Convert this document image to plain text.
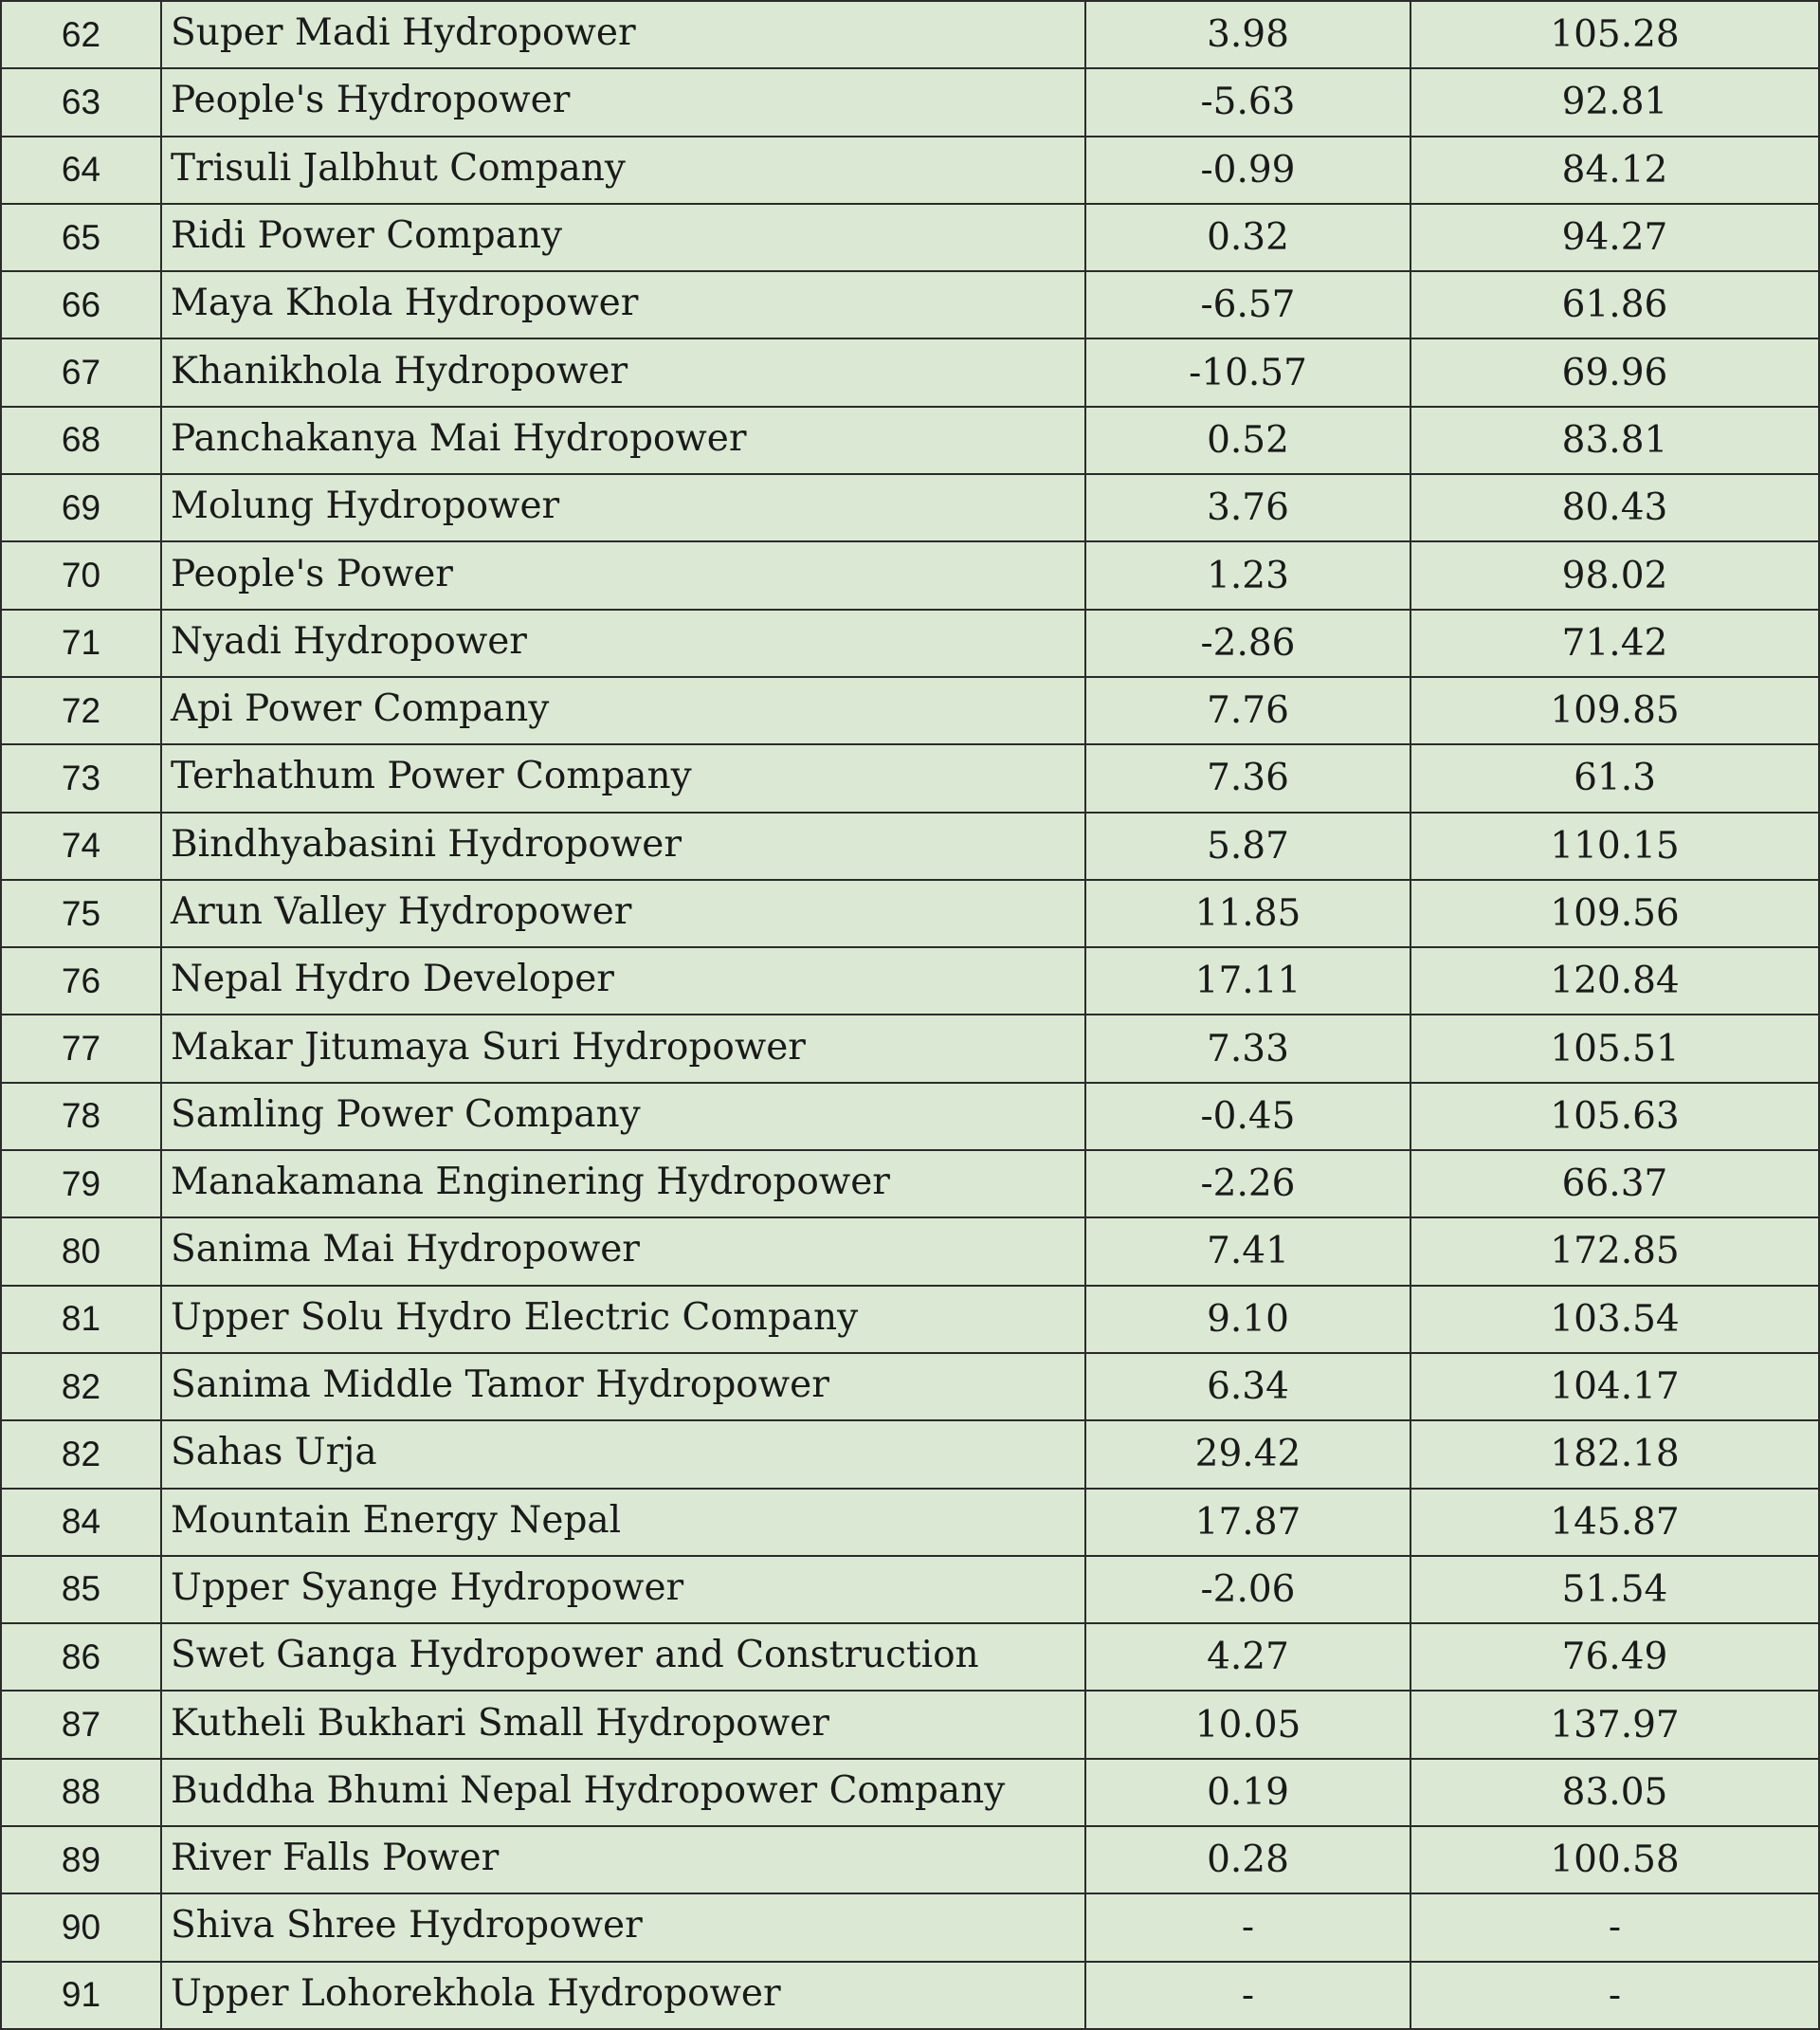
62	Super Madi Hydropower	3.98	105.28
63	People's Hydropower	-5.63	92.81
64	Trisuli Jalbhut Company	-0.99	84.12
65	Ridi Power Company	0.32	94.27
66	Maya Khola Hydropower	-6.57	61.86
67	Khanikhola Hydropower	-10.57	69.96
68	Panchakanya Mai Hydropower	0.52	83.81
69	Molung Hydropower	3.76	80.43
70	People's Power	1.23	98.02
71	Nyadi Hydropower	-2.86	71.42
72	Api Power Company	7.76	109.85
73	Terhathum Power Company	7.36	61.3
74	Bindhyabasini Hydropower	5.87	110.15
75	Arun Valley Hydropower	11.85	109.56
76	Nepal Hydro Developer	17.11	120.84
77	Makar Jitumaya Suri Hydropower	7.33	105.51
78	Samling Power Company	-0.45	105.63
79	Manakamana Enginering Hydropower	-2.26	66.37
80	Sanima Mai Hydropower	7.41	172.85
81	Upper Solu Hydro Electric Company	9.10	103.54
82	Sanima Middle Tamor Hydropower	6.34	104.17
82	Sahas Urja	29.42	182.18
84	Mountain Energy Nepal	17.87	145.87
85	Upper Syange Hydropower	-2.06	51.54
86	Swet Ganga Hydropower and Construction	4.27	76.49
87	Kutheli Bukhari Small Hydropower	10.05	137.97
88	Buddha Bhumi Nepal Hydropower Company	0.19	83.05
89	River Falls Power	0.28	100.58
90	Shiva Shree Hydropower	-	-
91	Upper Lohorekhola Hydropower	-	-
